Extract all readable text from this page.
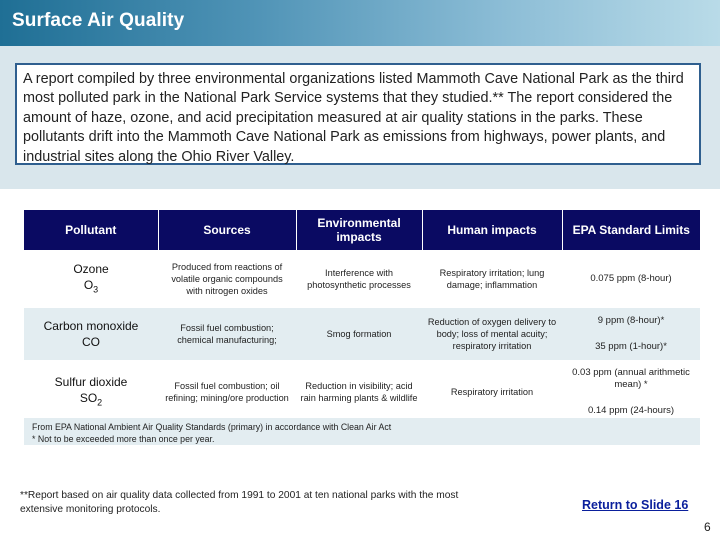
Surface Air Quality
A report compiled by three environmental organizations listed Mammoth Cave National Park as the third most polluted park in the National Park Service systems that they studied.** The report considered the amount of haze, ozone, and acid precipitation measured at air quality stations in the parks. These pollutants drift into the Mammoth Cave National Park as emissions from highways, power plants, and industrial sites along the Ohio River Valley.
Pollutant	Sources	Environmental impacts	Human impacts	EPA Standard Limits
Ozone
$O_3$	Produced from reactions of volatile organic compounds with nitrogen oxides	Interference with photosynthetic processes	Respiratory irritation; lung damage; inflammation	0.075 ppm (8-hour)
Carbon monoxide
CO	Fossil fuel combustion; chemical manufacturing;	Smog formation	Reduction of oxygen delivery to body; loss of mental acuity; respiratory irritation	9 ppm (8-hour)*
35 ppm (1-hour)*

Sulfur dioxide
$SO_2$	Fossil fuel combustion; oil refining; mining/ore production	Reduction in visibility; acid rain harming plants & wildlife	Respiratory irritation	0.03 ppm (annual arithmetic mean) *
0.14 ppm (24-hours)
From EPA National Ambient Air Quality Standards (primary) in accordance with Clean Air Act
* Not to be exceeded more than once per year.
**Report based on air quality data collected from 1991 to 2001 at ten national parks with the most extensive monitoring protocols.	Return to Slide 16
6
